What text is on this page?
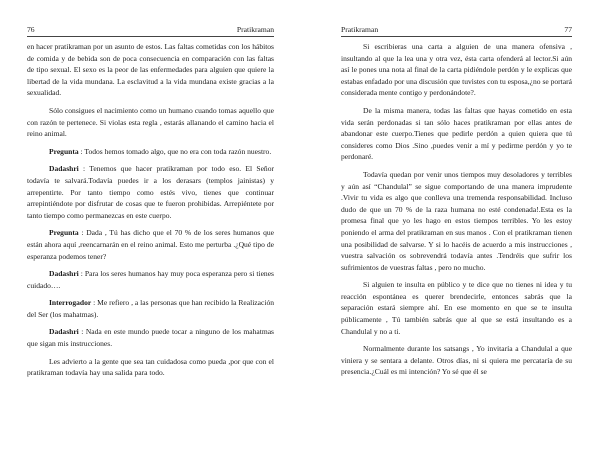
76	Pratikraman

en hacer pratikraman por un asunto de estos. Las faltas cometidas con los hábitos de comida y de bebida son de poca consecuencia en comparación con las faltas de tipo sexual. El sexo es la peor de las enfermedades para alguien que quiere la libertad de la vida mundana. La esclavitud a la vida mundana existe gracias a la sexualidad.

Sólo consigues el nacimiento como un humano cuando tomas aquello que con razón te pertenece. Si violas esta regla , estarás allanando el camino hacia el reino animal.

Pregunta : Todos hemos tomado algo, que no era con toda razón nuestro.

Dadashri : Tenemos que hacer pratikraman por todo eso. El Señor todavía te salvará.Todavía puedes ir a los derasars (templos jainistas) y arrepentirte. Por tanto tiempo como estés vivo, tienes que continuar arrepintiéndote por disfrutar de cosas que te fueron prohibidas. Arrepiéntete por tanto tiempo como permanezcas en este cuerpo.

Pregunta : Dada , Tú has dicho que el 70 % de los seres humanos que están ahora aquí ,reencarnarán en el reino animal. Esto me perturba .¿Qué tipo de esperanza podemos tener?

Dadashri : Para los seres humanos hay muy poca esperanza pero si tienes cuidado….

Interrogador : Me refiero , a las personas que han recibido la Realización del Ser (los mahatmas).

Dadashri : Nada en este mundo puede tocar a ninguno de los mahatmas que sigan mis instrucciones.

Les advierto a la gente que sea tan cuidadosa como pueda ,por que con el pratikraman todavía hay una salida para todo.

Pratikraman	77

Si escribieras una carta a alguien de una manera ofensiva , insultando al que la lea una y otra vez, ésta carta ofenderá al lector.Si aún así le pones una nota al final de la carta pidiéndole perdón y le explicas que estabas enfadado por una discusión que tuvistes con tu esposa,¿no se portará considerada mente contigo y perdonándote?.

De la misma manera, todas las faltas que hayas cometido en esta vida serán perdonadas si tan sólo haces pratikraman por ellas antes de abandonar este cuerpo.Tienes que pedirle perdón a quien quiera que tú consideres como Dios .Sino ,puedes venir a mí y pedirme perdón y yo te perdonaré.

Todavía quedan por venir unos tiempos muy desoladores y terribles y aún así “Chandulal” se sigue comportando de una manera imprudente .Vivir tu vida es algo que conlleva una tremenda responsabilidad. Incluso dudo de que un 70 % de la raza humana no esté condenada!.Esta es la promesa final que yo les hago en estos tiempos terribles. Yo les estoy poniendo el arma del pratikraman en sus manos . Con el pratikraman tienen una posibilidad de salvarse. Y si lo hacéis de acuerdo a mis instrucciones , vuestra salvación os sobrevendrá todavía antes .Tendréis que sufrir los sufrimientos de vuestras faltas , pero no mucho.

Si alguien te insulta en público y te dice que no tienes ni idea y tu reacción espontánea es querer brendecirle, entonces sabrás que la separación estará siempre ahí. En ese momento en que se te insulta públicamente , Tú también sabrás que al que se está insultando es a Chandulal y no a ti.

Normalmente durante los satsangs , Yo invitaría a Chandulal a que viniera y se sentara a delante. Otros días, ni si quiera me percataría de su presencia.¿Cuál es mi intención? Yo sé que él se
